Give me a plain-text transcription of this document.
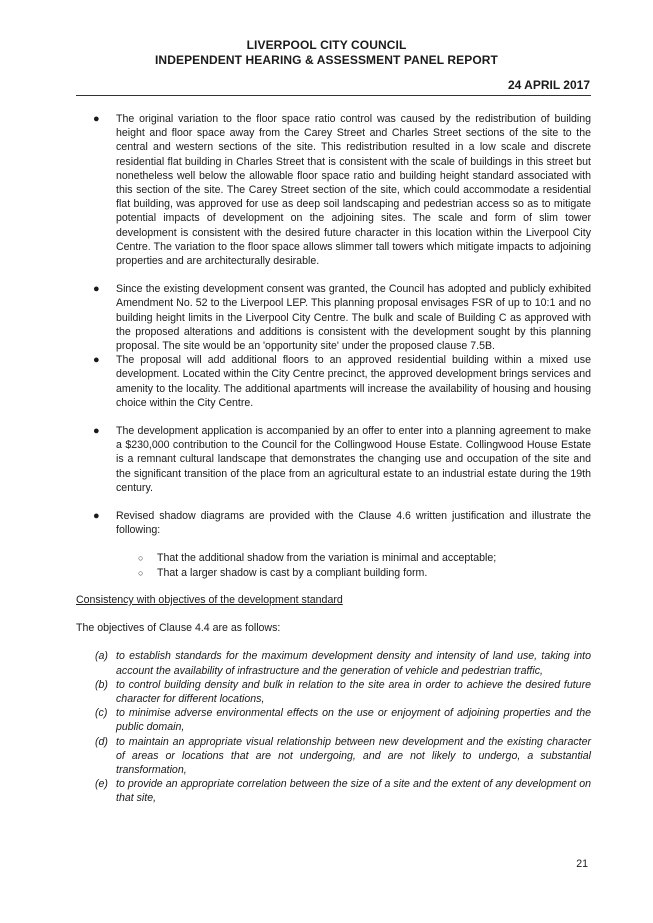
LIVERPOOL CITY COUNCIL
INDEPENDENT HEARING & ASSESSMENT PANEL REPORT
24 APRIL 2017
● The original variation to the floor space ratio control was caused by the redistribution of building height and floor space away from the Carey Street and Charles Street sections of the site to the central and western sections of the site. This redistribution resulted in a low scale and discrete residential flat building in Charles Street that is consistent with the scale of buildings in this street but nonetheless well below the allowable floor space ratio and building height standard associated with this section of the site. The Carey Street section of the site, which could accommodate a residential flat building, was approved for use as deep soil landscaping and pedestrian access so as to mitigate potential impacts of development on the adjoining sites. The scale and form of slim tower development is consistent with the desired future character in this location within the Liverpool City Centre. The variation to the floor space allows slimmer tall towers which mitigate impacts to adjoining properties and are architecturally desirable.
● Since the existing development consent was granted, the Council has adopted and publicly exhibited Amendment No. 52 to the Liverpool LEP. This planning proposal envisages FSR of up to 10:1 and no building height limits in the Liverpool City Centre. The bulk and scale of Building C as approved with the proposed alterations and additions is consistent with the development sought by this planning proposal. The site would be an 'opportunity site' under the proposed clause 7.5B.
● The proposal will add additional floors to an approved residential building within a mixed use development. Located within the City Centre precinct, the approved development brings services and amenity to the locality. The additional apartments will increase the availability of housing and housing choice within the City Centre.
● The development application is accompanied by an offer to enter into a planning agreement to make a $230,000 contribution to the Council for the Collingwood House Estate. Collingwood House Estate is a remnant cultural landscape that demonstrates the changing use and occupation of the site and the significant transition of the place from an agricultural estate to an industrial estate during the 19th century.
● Revised shadow diagrams are provided with the Clause 4.6 written justification and illustrate the following:
○ That the additional shadow from the variation is minimal and acceptable;
○ That a larger shadow is cast by a compliant building form.
Consistency with objectives of the development standard
The objectives of Clause 4.4 are as follows:
(a) to establish standards for the maximum development density and intensity of land use, taking into account the availability of infrastructure and the generation of vehicle and pedestrian traffic,
(b) to control building density and bulk in relation to the site area in order to achieve the desired future character for different locations,
(c) to minimise adverse environmental effects on the use or enjoyment of adjoining properties and the public domain,
(d) to maintain an appropriate visual relationship between new development and the existing character of areas or locations that are not undergoing, and are not likely to undergo, a substantial transformation,
(e) to provide an appropriate correlation between the size of a site and the extent of any development on that site,
21
